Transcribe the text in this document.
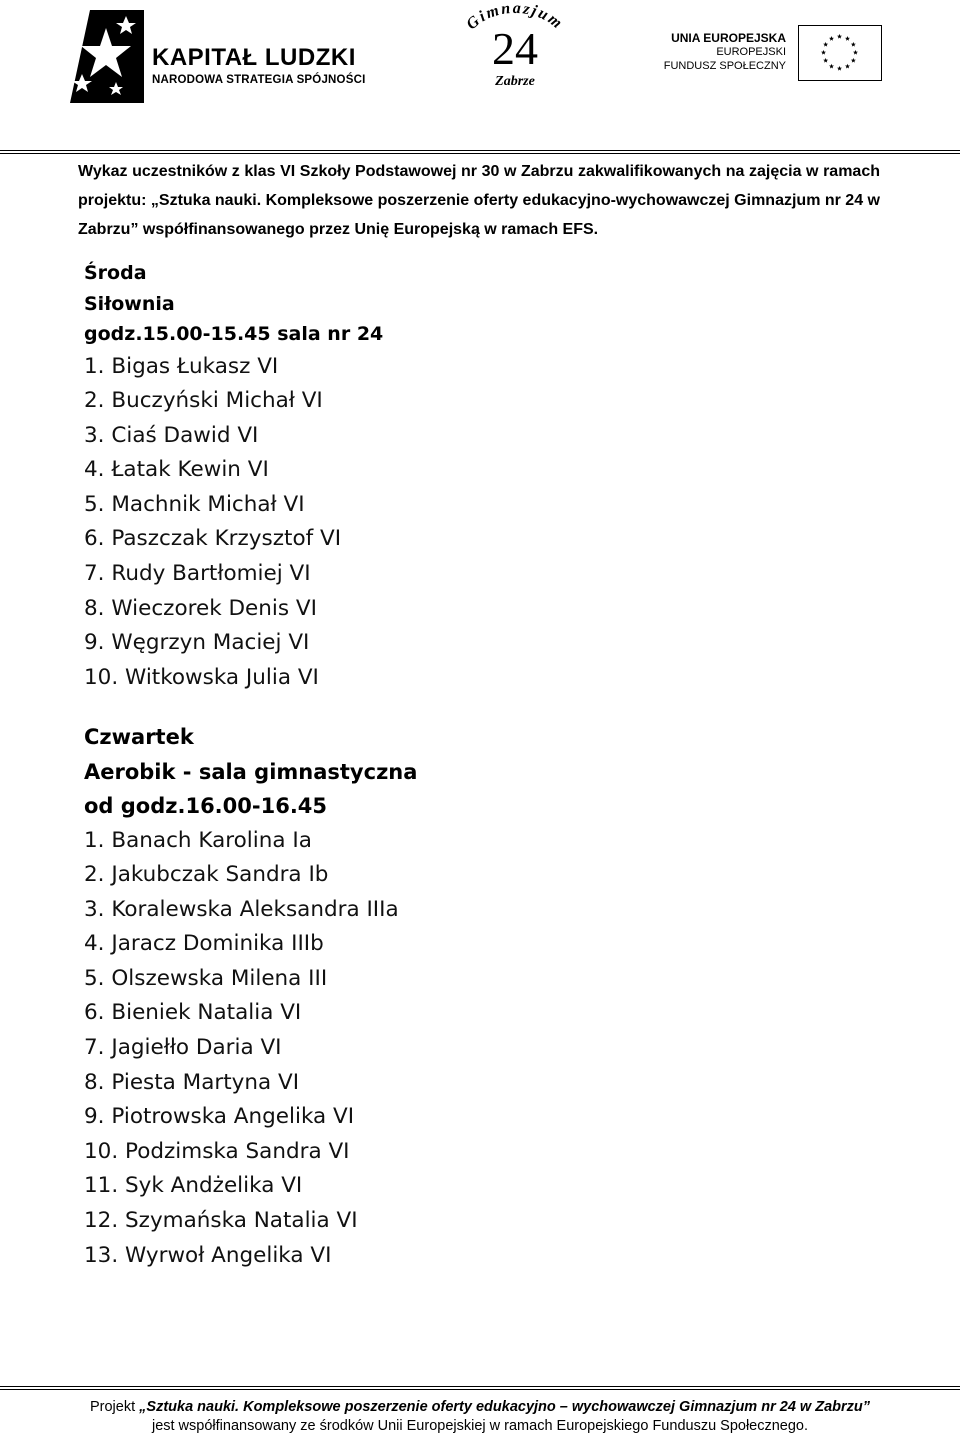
KAPITAŁ LUDZKI
NARODOWA STRATEGIA SPÓJNOŚCI
Gimnazjum
24
Zabrze
UNIA EUROPEJSKA
EUROPEJSKI
FUNDUSZ SPOŁECZNY
Wykaz uczestników z klas VI Szkoły Podstawowej nr 30 w Zabrzu zakwalifikowanych na zajęcia w ramach projektu: „Sztuka nauki. Kompleksowe poszerzenie oferty edukacyjno-wychowawczej Gimnazjum nr 24 w Zabrzu” współfinansowanego przez Unię Europejską w ramach EFS.
Środa
Siłownia
godz.15.00-15.45 sala nr 24
1. Bigas Łukasz VI
2. Buczyński Michał VI
3. Ciaś Dawid VI
4. Łatak Kewin VI
5. Machnik Michał VI
6. Paszczak Krzysztof VI
7. Rudy Bartłomiej VI
8. Wieczorek Denis VI
9. Węgrzyn Maciej VI
10. Witkowska Julia VI
Czwartek
Aerobik - sala gimnastyczna
od godz.16.00-16.45
1. Banach Karolina Ia
2. Jakubczak Sandra Ib
3. Koralewska Aleksandra IIIa
4. Jaracz Dominika IIIb
5. Olszewska Milena III
6. Bieniek Natalia VI
7. Jagiełło Daria VI
8. Piesta Martyna VI
9. Piotrowska Angelika VI
10. Podzimska Sandra VI
11. Syk Andżelika VI
12. Szymańska Natalia VI
13. Wyrwoł Angelika VI
Projekt „Sztuka nauki. Kompleksowe poszerzenie oferty edukacyjno – wychowawczej Gimnazjum nr 24 w Zabrzu”
jest współfinansowany ze środków Unii Europejskiej w ramach Europejskiego Funduszu Społecznego.
